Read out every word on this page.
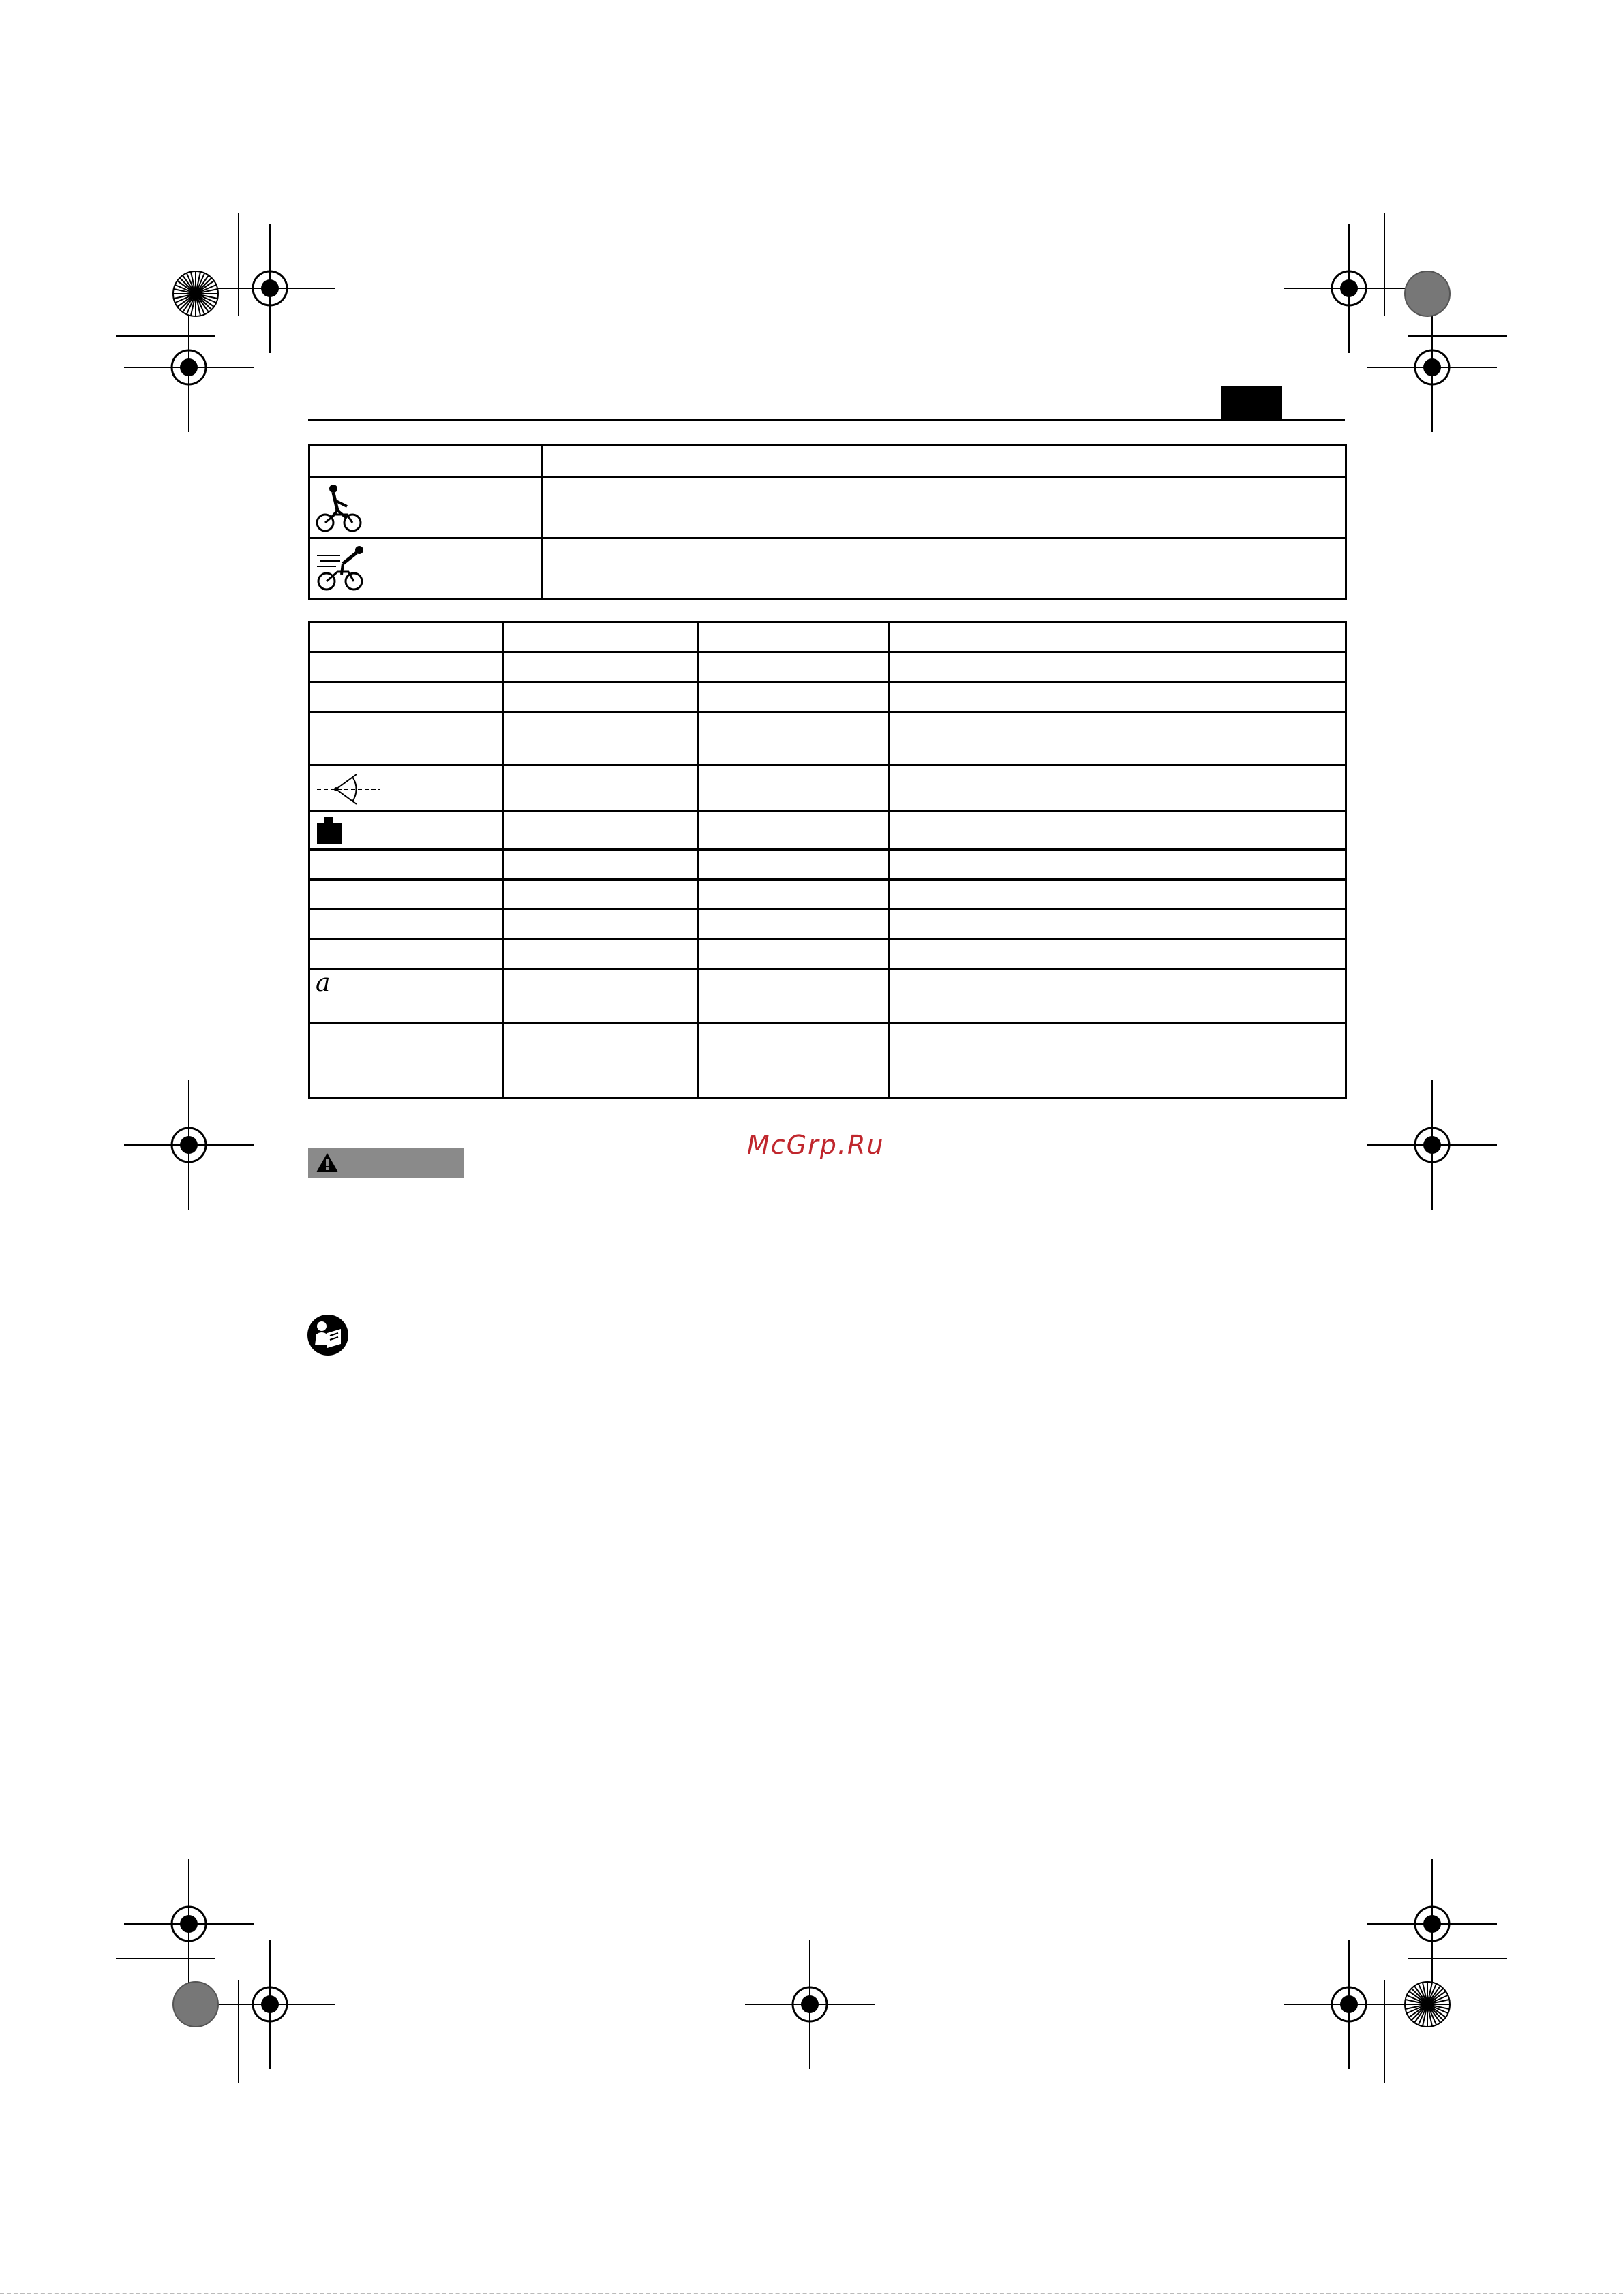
a			

McGrp.Ru
